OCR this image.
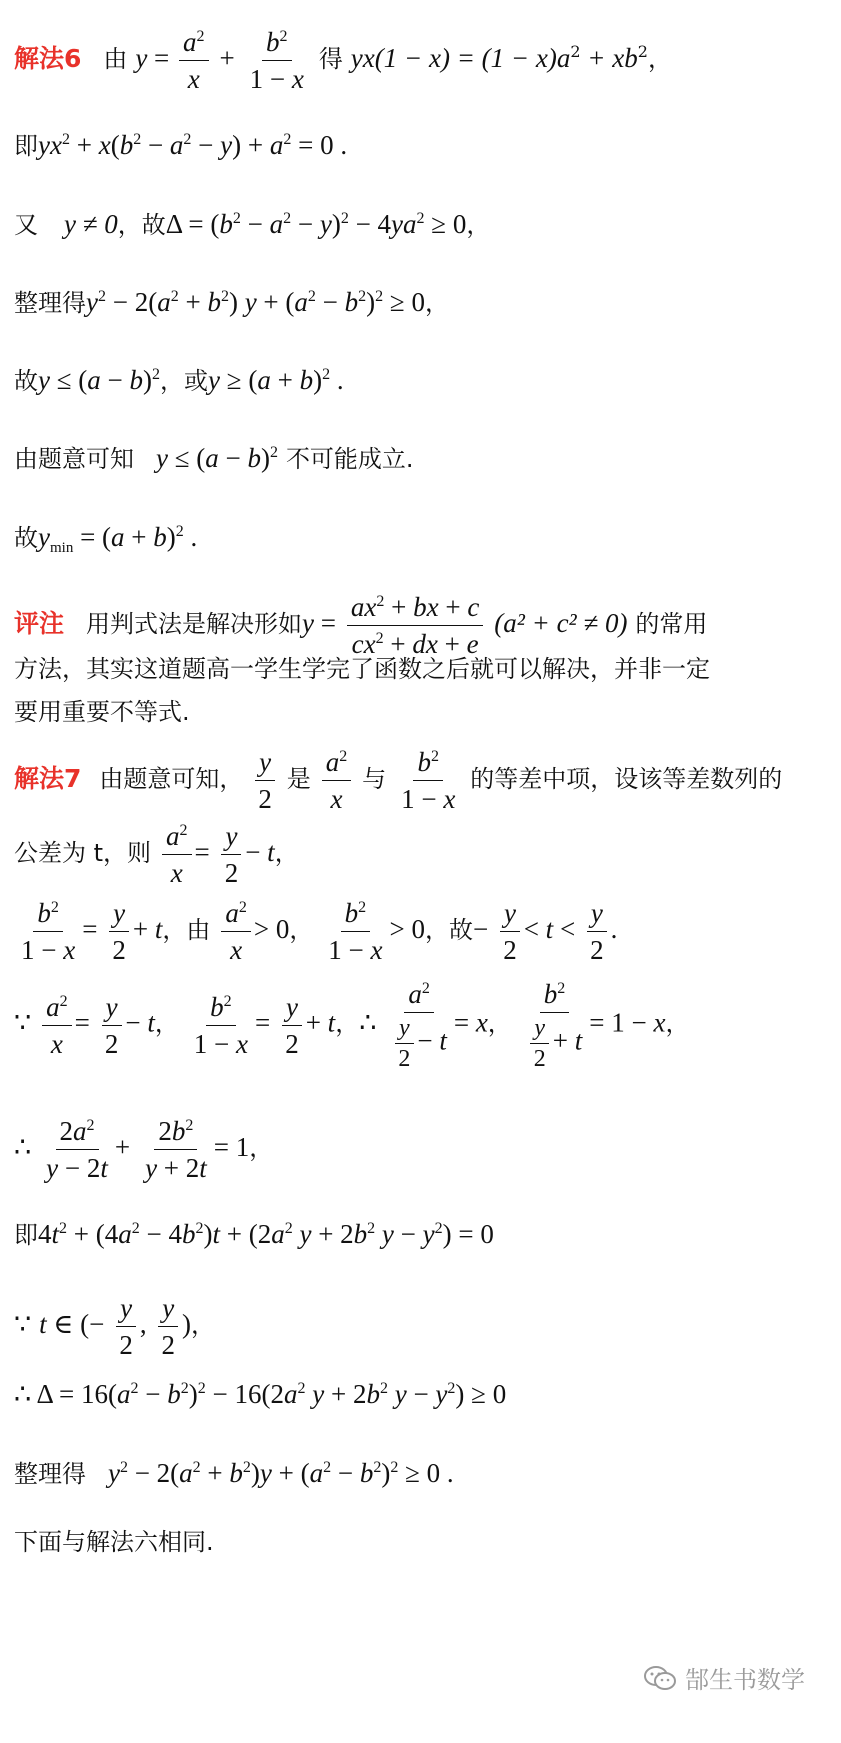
解法6 由 $y = \frac{a^2}{x} + \frac{b^2}{1 - x}$ 得 $yx(1 - x) = (1 - x)a^2 + xb^2$，
即$yx^2 + x(b^2 - a^2 - y) + a^2 = 0$ .
又 y ≠ 0，故$\Delta = (b^2 - a^2 - y)^2 - 4ya^2 \ge 0$，
整理得$y^2 - 2(a^2 + b^2) y + (a^2 - b^2)^2 \ge 0$，
故$y \le (a - b)^2$，或$y \ge (a + b)^2$ .
由题意可知 $y \le (a - b)^2$ 不可能成立.
故$y_{min} = (a + b)^2$ .
评注 用判式法是解决形如$y = \frac{ax^2 + bx + c}{cx^2 + dx + e} (a^2 + c^2 \ne 0)$ 的常用
方法，其实这道题高一学生学完了函数之后就可以解决，并非一定
要用重要不等式.
解法7 由题意可知， $\frac{y}{2}$ 是 $\frac{a^2}{x}$ 与 $\frac{b^2}{1 - x}$ 的等差中项，设该等差数列的
公差为 t，则 $\frac{a^2}{x} = \frac{y}{2} - t$，
$\frac{b^2}{1 - x} = \frac{y}{2} + t$，由 $\frac{a^2}{x} > 0$， $\frac{b^2}{1 - x} > 0$，故− $\frac{y}{2} < t < \frac{y}{2}$ .
∵ $\frac{a^2}{x} = \frac{y}{2} - t$， $\frac{b^2}{1 - x} = \frac{y}{2} + t$，∴ $\frac{a^2}{\frac{y}{2} - t} = x$， $\frac{b^2}{\frac{y}{2} + t} = 1 - x$，
∴ $\frac{2a^2}{y - 2t} + \frac{2b^2}{y + 2t} = 1$，
即$4t^2 + (4a^2 - 4b^2)t + (2a^2$ $y + 2b^2$ $y - y^2) = 0$
∵ t ∈ (− $\frac{y}{2}$ , $\frac{y}{2}$ )，
∴ $\Delta = 16(a^2 - b^2)^2 - 16(2a^2$ $y + 2b^2$ $y - y^2) \ge 0$
整理得 $y^2 - 2(a^2 + b^2)y + (a^2 - b^2)^2 \ge 0$ .
下面与解法六相同.
郜生书数学
